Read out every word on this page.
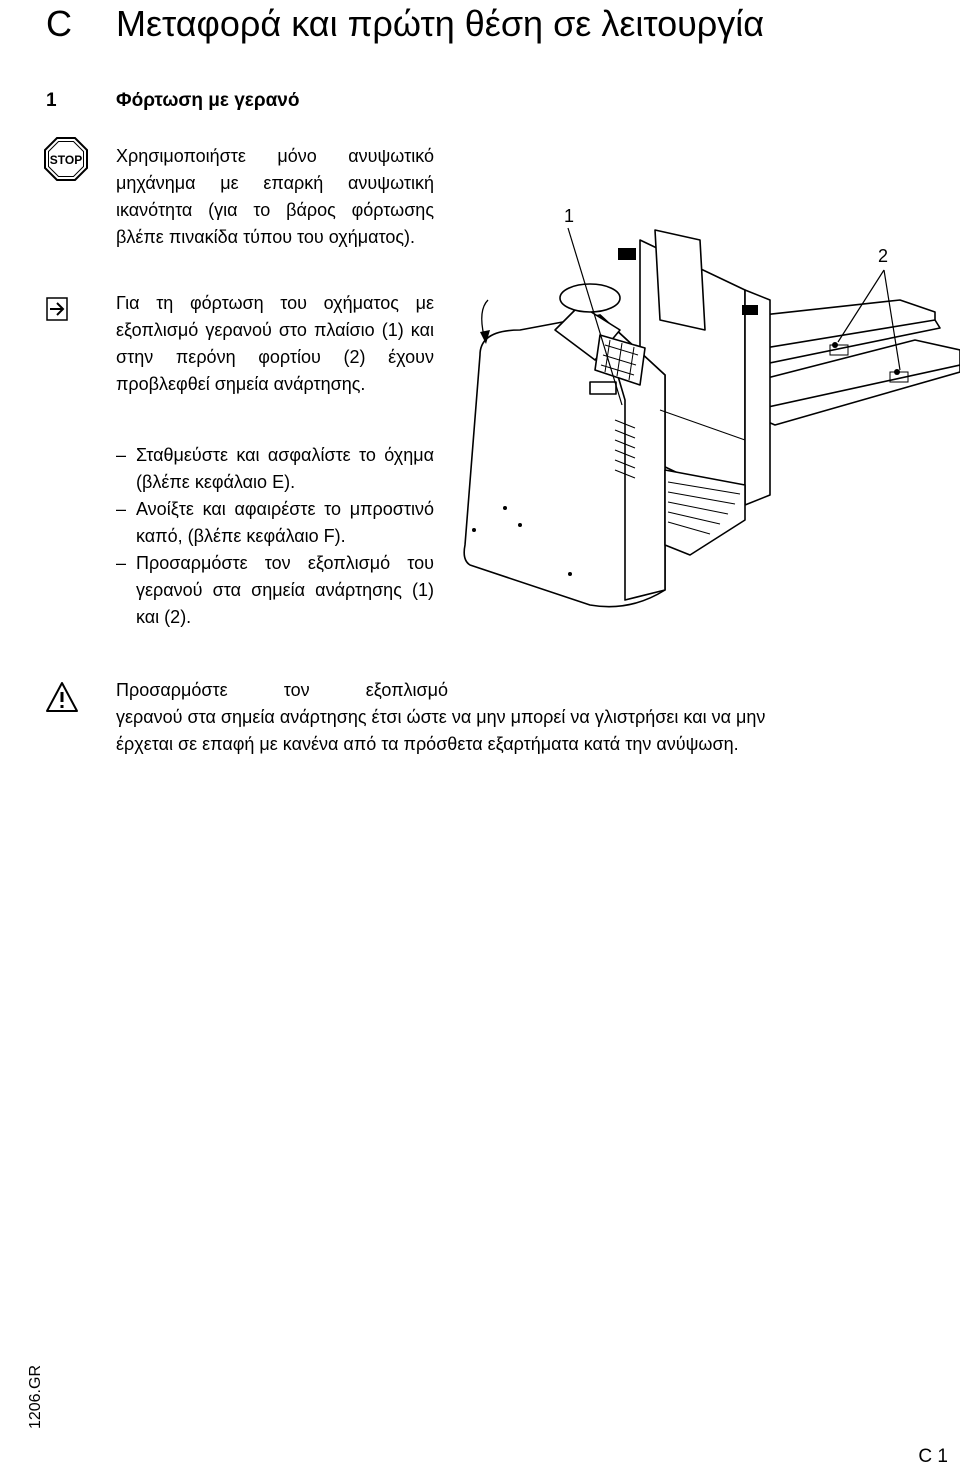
C Μεταφορά και πρώτη θέση σε λειτουργία
1	Φόρτωση με γερανό
STOP Χρησιμοποιήστε μόνο ανυψωτικό μηχάνημα με επαρκή ανυψωτική ικανότητα (για το βάρος φόρτωσης βλέπε πινακίδα τύπου του οχήματος).
Για τη φόρτωση του οχήματος με εξοπλισμό γερανού στο πλαίσιο (1) και στην περόνη φορτίου (2) έχουν προβλεφθεί σημεία ανάρτησης.
– Σταθμεύστε και ασφαλίστε το όχημα (βλέπε κεφάλαιο E).
– Ανοίξτε και αφαιρέστε το μπροστινό καπό, (βλέπε κεφάλαιο F).
– Προσαρμόστε τον εξοπλισμό του γερανού στα σημεία ανάρτησης (1) και (2).
Προσαρμόστε τον εξοπλισμό
γερανού στα σημεία ανάρτησης έτσι ώστε να μην μπορεί να γλιστρήσει και να μην
έρχεται σε επαφή με κανένα από τα πρόσθετα εξαρτήματα κατά την ανύψωση.
1
2
1206.GR
C 1
